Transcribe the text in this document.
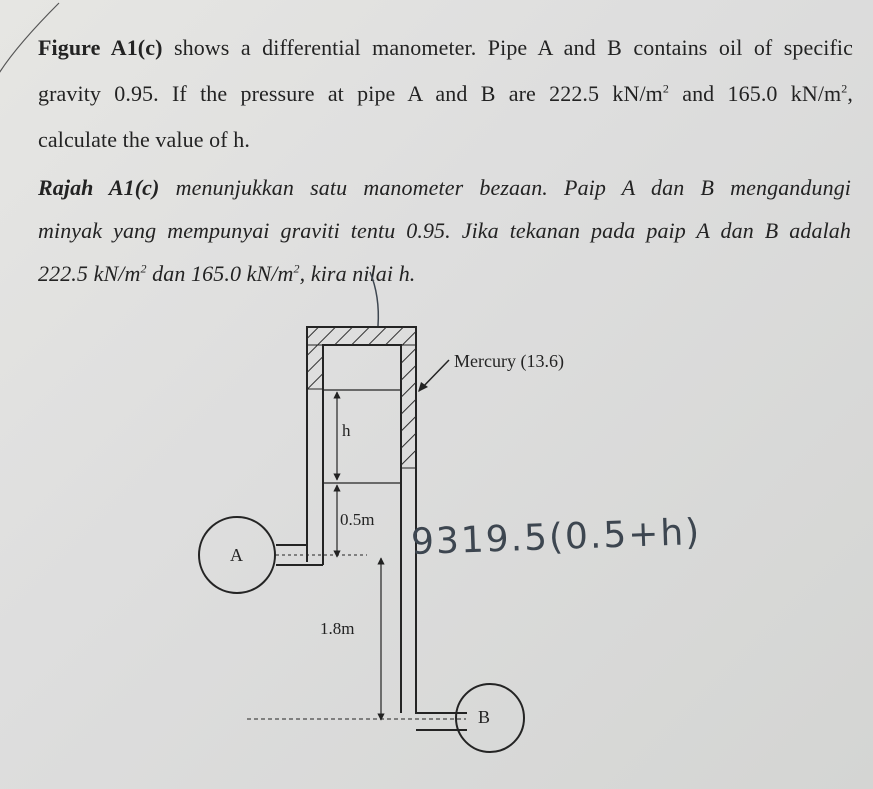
Figure A1(c) shows a differential manometer. Pipe A and B contains oil of specific
gravity 0.95. If the pressure at pipe A and B are 222.5 $kN/m^2$ and 165.0 $kN/m^2$,
calculate the value of h.

Rajah A1(c) menunjukkan satu manometer bezaan. Paip A dan B mengandungi
minyak yang mempunyai graviti tentu 0.95. Jika tekanan pada paip A dan B adalah
222.5 $kN/m^2$ dan 165.0 $kN/m^2$, kira nilai h.

Mercury (13.6)
h
0.5m
1.8m
A
B
9319.5(0.5+h)
